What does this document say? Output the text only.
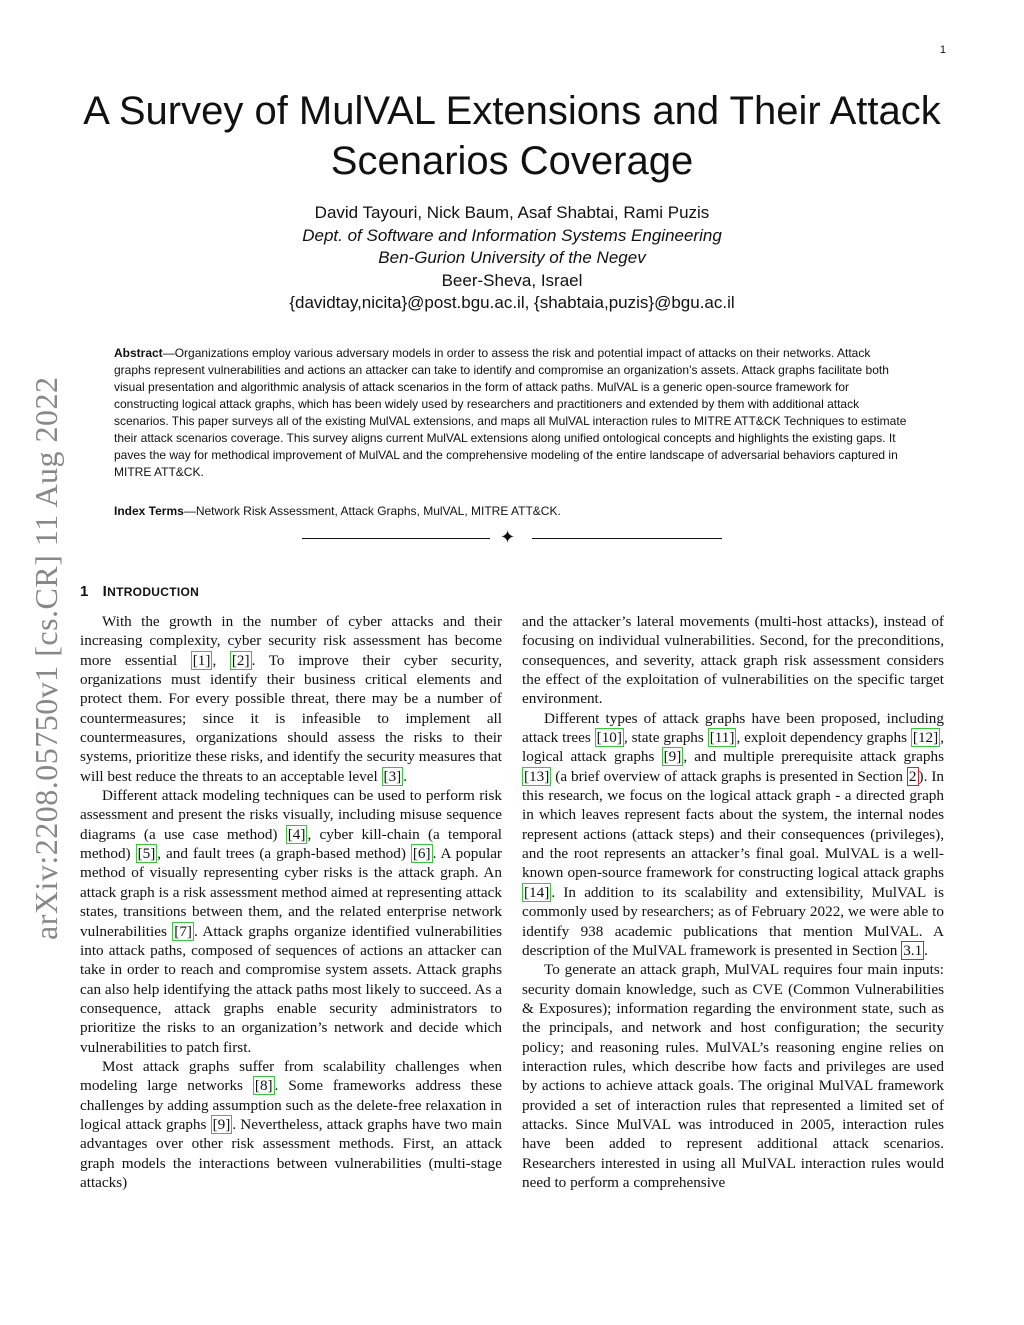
1
arXiv:2208.05750v1 [cs.CR] 11 Aug 2022
A Survey of MulVAL Extensions and Their Attack
Scenarios Coverage
David Tayouri, Nick Baum, Asaf Shabtai, Rami Puzis
Dept. of Software and Information Systems Engineering
Ben-Gurion University of the Negev
Beer-Sheva, Israel
{davidtay,nicita}@post.bgu.ac.il, {shabtaia,puzis}@bgu.ac.il

Abstract—Organizations employ various adversary models in order to assess the risk and potential impact of attacks on their networks. Attack graphs represent vulnerabilities and actions an attacker can take to identify and compromise an organization’s assets. Attack graphs facilitate both visual presentation and algorithmic analysis of attack scenarios in the form of attack paths. MulVAL is a generic open-source framework for constructing logical attack graphs, which has been widely used by researchers and practitioners and extended by them with additional attack scenarios. This paper surveys all of the existing MulVAL extensions, and maps all MulVAL interaction rules to MITRE ATT&CK Techniques to estimate their attack scenarios coverage. This survey aligns current MulVAL extensions along unified ontological concepts and highlights the existing gaps. It paves the way for methodical improvement of MulVAL and the comprehensive modeling of the entire landscape of adversarial behaviors captured in MITRE ATT&CK.

Index Terms—Network Risk Assessment, Attack Graphs, MulVAL, MITRE ATT&CK.

✦
1 INTRODUCTION

With the growth in the number of cyber attacks and their increasing complexity, cyber security risk assessment has become more essential [1] , [2] . To improve their cyber security, organizations must identify their business critical elements and protect them. For every possible threat, there may be a number of countermeasures; since it is infeasible to implement all countermeasures, organizations should assess the risks to their systems, prioritize these risks, and identify the security measures that will best reduce the threats to an acceptable level [3] .

Different attack modeling techniques can be used to perform risk assessment and present the risks visually, including misuse sequence diagrams (a use case method) [4] , cyber kill-chain (a temporal method) [5] , and fault trees (a graph-based method) [6] . A popular method of visually representing cyber risks is the attack graph. An attack graph is a risk assessment method aimed at representing attack states, transitions between them, and the related enterprise network vulnerabilities [7] . Attack graphs organize identified vulnerabilities into attack paths, composed of sequences of actions an attacker can take in order to reach and compromise system assets. Attack graphs can also help identifying the attack paths most likely to succeed. As a consequence, attack graphs enable security administrators to prioritize the risks to an organization’s network and decide which vulnerabilities to patch first.

Most attack graphs suffer from scalability challenges when modeling large networks [8] . Some frameworks address these challenges by adding assumption such as the delete-free relaxation in logical attack graphs [9] . Nevertheless, attack graphs have two main advantages over other risk assessment methods. First, an attack graph models the interactions between vulnerabilities (multi-stage attacks)

and the attacker’s lateral movements (multi-host attacks), instead of focusing on individual vulnerabilities. Second, for the preconditions, consequences, and severity, attack graph risk assessment considers the effect of the exploitation of vulnerabilities on the specific target environment.

Different types of attack graphs have been proposed, including attack trees [10] , state graphs [11] , exploit dependency graphs [12] , logical attack graphs [9] , and multiple prerequisite attack graphs [13] (a brief overview of attack graphs is presented in Section 2 ). In this research, we focus on the logical attack graph - a directed graph in which leaves represent facts about the system, the internal nodes represent actions (attack steps) and their consequences (privileges), and the root represents an attacker’s final goal. MulVAL is a well-known open-source framework for constructing logical attack graphs [14] . In addition to its scalability and extensibility, MulVAL is commonly used by researchers; as of February 2022, we were able to identify 938 academic publications that mention MulVAL. A description of the MulVAL framework is presented in Section 3.1 .

To generate an attack graph, MulVAL requires four main inputs: security domain knowledge, such as CVE (Common Vulnerabilities & Exposures); information regarding the environment state, such as the principals, and network and host configuration; the security policy; and reasoning rules. MulVAL’s reasoning engine relies on interaction rules, which describe how facts and privileges are used by actions to achieve attack goals. The original MulVAL framework provided a set of interaction rules that represented a limited set of attacks. Since MulVAL was introduced in 2005, interaction rules have been added to represent additional attack scenarios. Researchers interested in using all MulVAL interaction rules would need to perform a comprehensive
